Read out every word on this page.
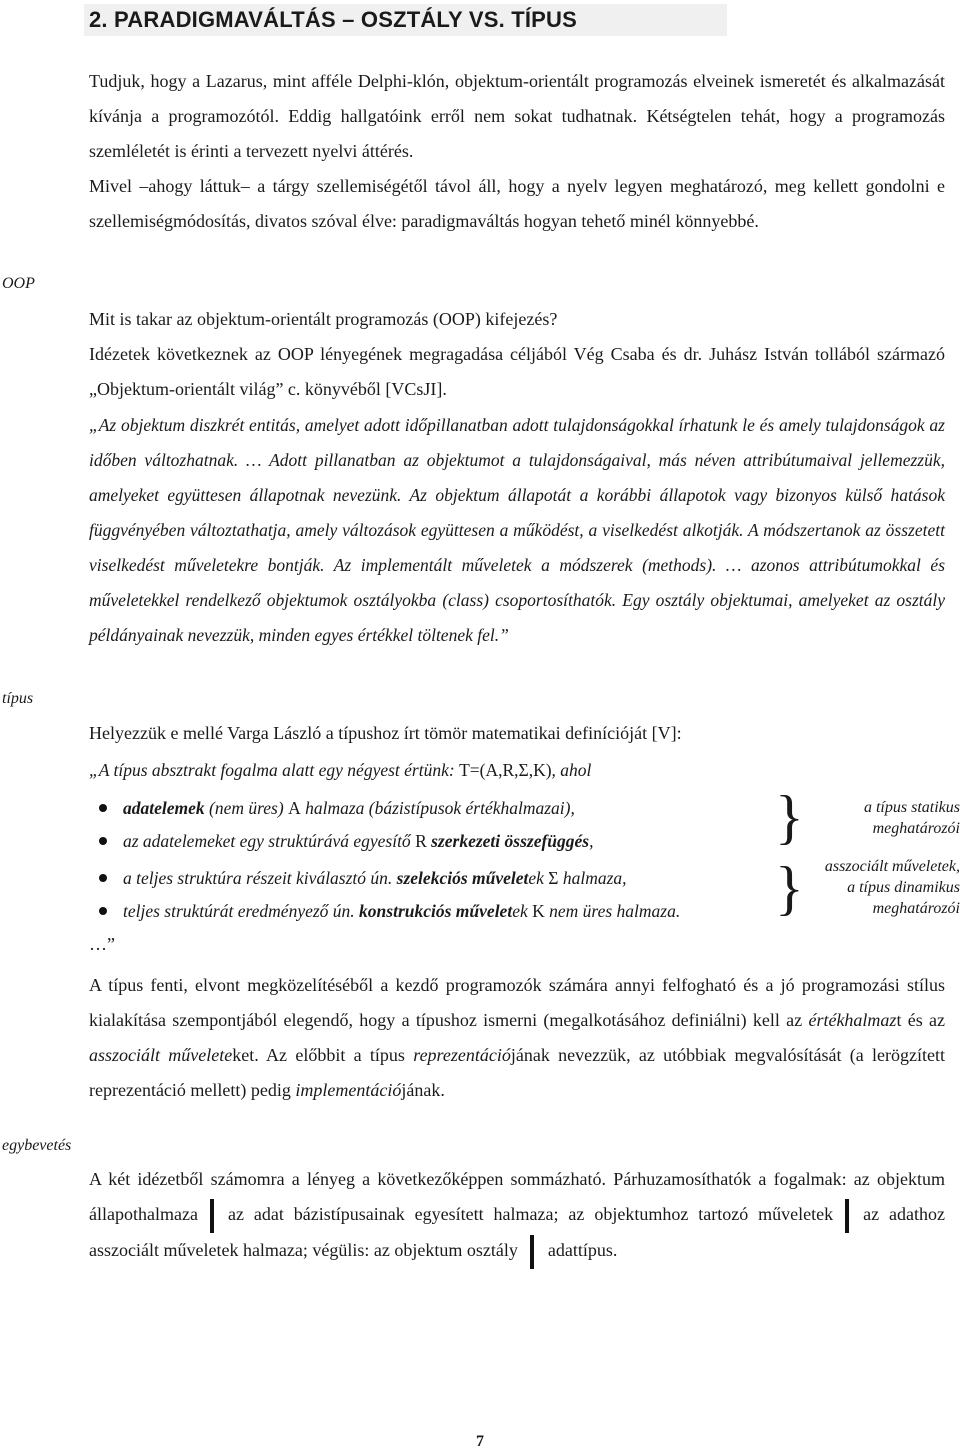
2. PARADIGMAVÁLTÁS – OSZTÁLY VS. TÍPUS
OOP
típus
egybevetés

Tudjuk, hogy a Lazarus, mint afféle Delphi-klón, objektum-orientált programozás elveinek ismeretét és alkalmazását kívánja a programozótól. Eddig hallgatóink erről nem sokat tudhatnak. Kétségtelen tehát, hogy a programozás szemléletét is érinti a tervezett nyelvi áttérés.

Mivel –ahogy láttuk– a tárgy szellemiségétől távol áll, hogy a nyelv legyen meghatározó, meg kellett gondolni e szellemiségmódosítás, divatos szóval élve: paradigmaváltás hogyan tehető minél könnyebbé.

Mit is takar az objektum-orientált programozás (OOP) kifejezés?

Idézetek következnek az OOP lényegének megragadása céljából Vég Csaba és dr. Juhász István tollából származó „Objektum-orientált világ” c. könyvéből [VCsJI].

„Az objektum diszkrét entitás, amelyet adott időpillanatban adott tulajdonságokkal írhatunk le és amely tulajdonságok az időben változhatnak. … Adott pillanatban az objektumot a tulajdonságaival, más néven attribútumaival jellemezzük, amelyeket együttesen állapotnak nevezünk. Az objektum állapotát a korábbi állapotok vagy bizonyos külső hatások függvényében változtathatja, amely változások együttesen a működést, a viselkedést alkotják. A módszertanok az összetett viselkedést műveletekre bontják. Az implementált műveletek a módszerek (methods). … azonos attribútumokkal és műveletekkel rendelkező objektumok osztályokba (class) csoportosíthatók. Egy osztály objektumai, amelyeket az osztály példányainak nevezzük, minden egyes értékkel töltenek fel.”

Helyezzük e mellé Varga László a típushoz írt tömör matematikai definícióját [V]:

„A típus absztrakt fogalma alatt egy négyest értünk: T=(A,R,Σ,K), ahol

adatelemek (nem üres) A halmaza (bázistípusok értékhalmazai),
az adatelemeket egy struktúrává egyesítő R szerkezeti összefüggés,
a teljes struktúra részeit kiválasztó ún. szelekciós műveletek Σ halmaza,
teljes struktúrát eredményező ún. konstrukciós műveletek K nem üres halmaza.
}
}
a típus statikus
meghatározói
asszociált műveletek,
a típus dinamikus
meghatározói
…”

A típus fenti, elvont megközelítéséből a kezdő programozók számára annyi felfogható és a jó programozási stílus kialakítása szempontjából elegendő, hogy a típushoz ismerni (megalkotásához definiálni) kell az értékhalmazt és az asszociált műveleteket. Az előbbit a típus reprezentációjának nevezzük, az utóbbiak megvalósítását (a lerögzített reprezentáció mellett) pedig implementációjának.

A két idézetből számomra a lényeg a következőképpen sommázható. Párhuzamosíthatók a fogalmak: az objektum állapothalmaza az adat bázistípusainak egyesített halmaza; az objektumhoz tartozó műveletek az adathoz asszociált műveletek halmaza; végülis: az objektum osztály adattípus.

7
